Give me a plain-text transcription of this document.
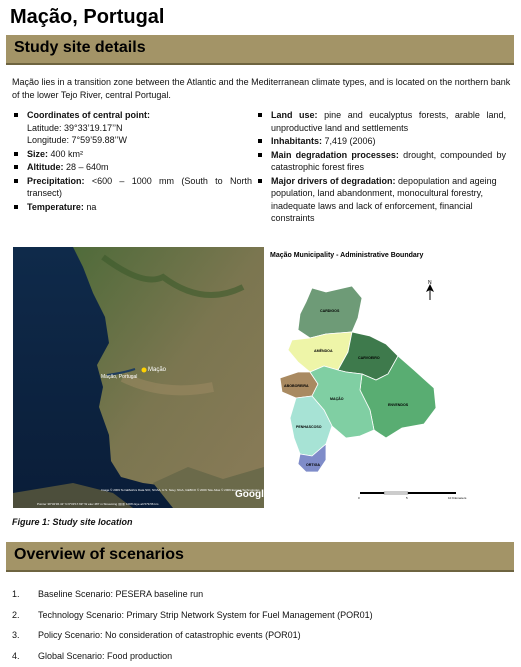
Mação, Portugal
Study site details
Mação lies in a transition zone between the Atlantic and the Mediterranean climate types, and is located on the northern bank of the lower Tejo River, central Portugal.
Coordinates of central point:
Latitude: 39°33’19.17’’N
Longitude: 7°59’59.88’’W
Size: 400 km²
Altitude: 28 – 640m
Precipitation: <600 – 1000 mm (South to North transect)
Temperature: na
Land use: pine and eucalyptus forests, arable land, unproductive land and settlements
Inhabitants: 7,419 (2006)
Main degradation processes: drought, compounded by catastrophic forest fires
Major drivers of degradation: depopulation and ageing population, land abandonment, monocultural forestry, inadequate laws and lack of enforcement, financial constraints
Mação
Mação, Portugal
Google
Image © 2009 TerraMetrics Data SIO, NOAA, U.S. Navy, NGA, GEBCO © 2009 Tele Atlas © 2009 Europa Technologies
Pointer 39°32'36.41" N 6°33'17.69" W elev 487 m Streaming ||||||||| 100% Eye alt 579.56 km
Mação Municipality - Administrative Boundary
N
CARDIGOS
AMÊNDOA
CARVOEIRO
ENVENDOS
ORTIGA
PENHASCOSO
MAÇÃO
ABOBOREIRA
0	5	10 Kilometers
Figure 1: Study site location
Overview of scenarios
1.	Baseline Scenario: PESERA baseline run
2.	Technology Scenario: Primary Strip Network System for Fuel Management (POR01)
3.	Policy Scenario: No consideration of catastrophic events (POR01)
4.	Global Scenario: Food production
